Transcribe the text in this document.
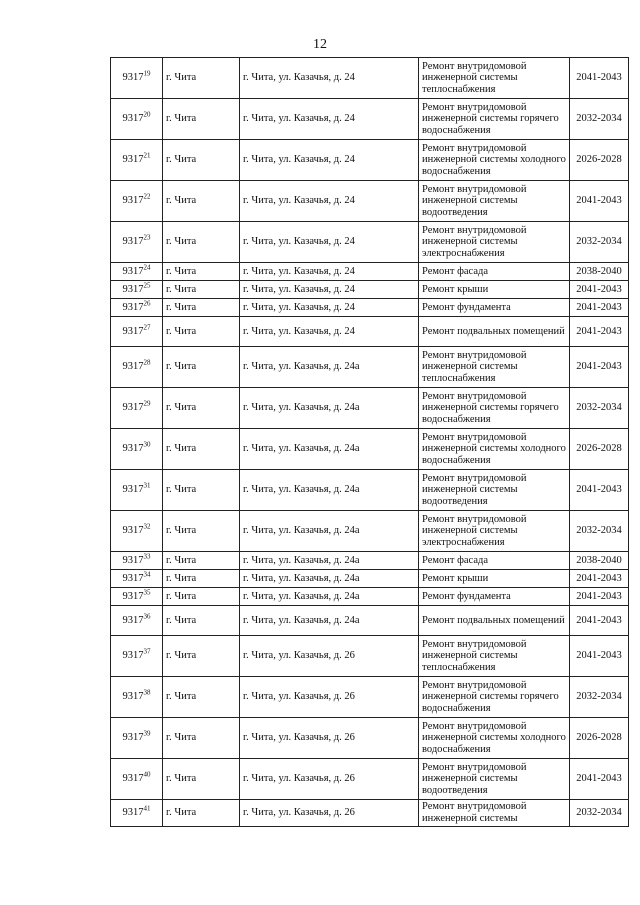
12
9317$^{19}$	г. Чита	г. Чита, ул. Казачья, д. 24	Ремонт внутридомовой инженерной системы теплоснабжения	2041-2043
9317$^{20}$	г. Чита	г. Чита, ул. Казачья, д. 24	Ремонт внутридомовой инженерной системы горячего водоснабжения	2032-2034
9317$^{21}$	г. Чита	г. Чита, ул. Казачья, д. 24	Ремонт внутридомовой инженерной системы холодного водоснабжения	2026-2028
9317$^{22}$	г. Чита	г. Чита, ул. Казачья, д. 24	Ремонт внутридомовой инженерной системы водоотведения	2041-2043
9317$^{23}$	г. Чита	г. Чита, ул. Казачья, д. 24	Ремонт внутридомовой инженерной системы электроснабжения	2032-2034
9317$^{24}$	г. Чита	г. Чита, ул. Казачья, д. 24	Ремонт фасада	2038-2040
9317$^{25}$	г. Чита	г. Чита, ул. Казачья, д. 24	Ремонт крыши	2041-2043
9317$^{26}$	г. Чита	г. Чита, ул. Казачья, д. 24	Ремонт фундамента	2041-2043
9317$^{27}$	г. Чита	г. Чита, ул. Казачья, д. 24	Ремонт подвальных помещений	2041-2043
9317$^{28}$	г. Чита	г. Чита, ул. Казачья, д. 24а	Ремонт внутридомовой инженерной системы теплоснабжения	2041-2043
9317$^{29}$	г. Чита	г. Чита, ул. Казачья, д. 24а	Ремонт внутридомовой инженерной системы горячего водоснабжения	2032-2034
9317$^{30}$	г. Чита	г. Чита, ул. Казачья, д. 24а	Ремонт внутридомовой инженерной системы холодного водоснабжения	2026-2028
9317$^{31}$	г. Чита	г. Чита, ул. Казачья, д. 24а	Ремонт внутридомовой инженерной системы водоотведения	2041-2043
9317$^{32}$	г. Чита	г. Чита, ул. Казачья, д. 24а	Ремонт внутридомовой инженерной системы электроснабжения	2032-2034
9317$^{33}$	г. Чита	г. Чита, ул. Казачья, д. 24а	Ремонт фасада	2038-2040
9317$^{34}$	г. Чита	г. Чита, ул. Казачья, д. 24а	Ремонт крыши	2041-2043
9317$^{35}$	г. Чита	г. Чита, ул. Казачья, д. 24а	Ремонт фундамента	2041-2043
9317$^{36}$	г. Чита	г. Чита, ул. Казачья, д. 24а	Ремонт подвальных помещений	2041-2043
9317$^{37}$	г. Чита	г. Чита, ул. Казачья, д. 26	Ремонт внутридомовой инженерной системы теплоснабжения	2041-2043
9317$^{38}$	г. Чита	г. Чита, ул. Казачья, д. 26	Ремонт внутридомовой инженерной системы горячего водоснабжения	2032-2034
9317$^{39}$	г. Чита	г. Чита, ул. Казачья, д. 26	Ремонт внутридомовой инженерной системы холодного водоснабжения	2026-2028
9317$^{40}$	г. Чита	г. Чита, ул. Казачья, д. 26	Ремонт внутридомовой инженерной системы водоотведения	2041-2043
9317$^{41}$	г. Чита	г. Чита, ул. Казачья, д. 26	Ремонт внутридомовой инженерной системы	2032-2034
